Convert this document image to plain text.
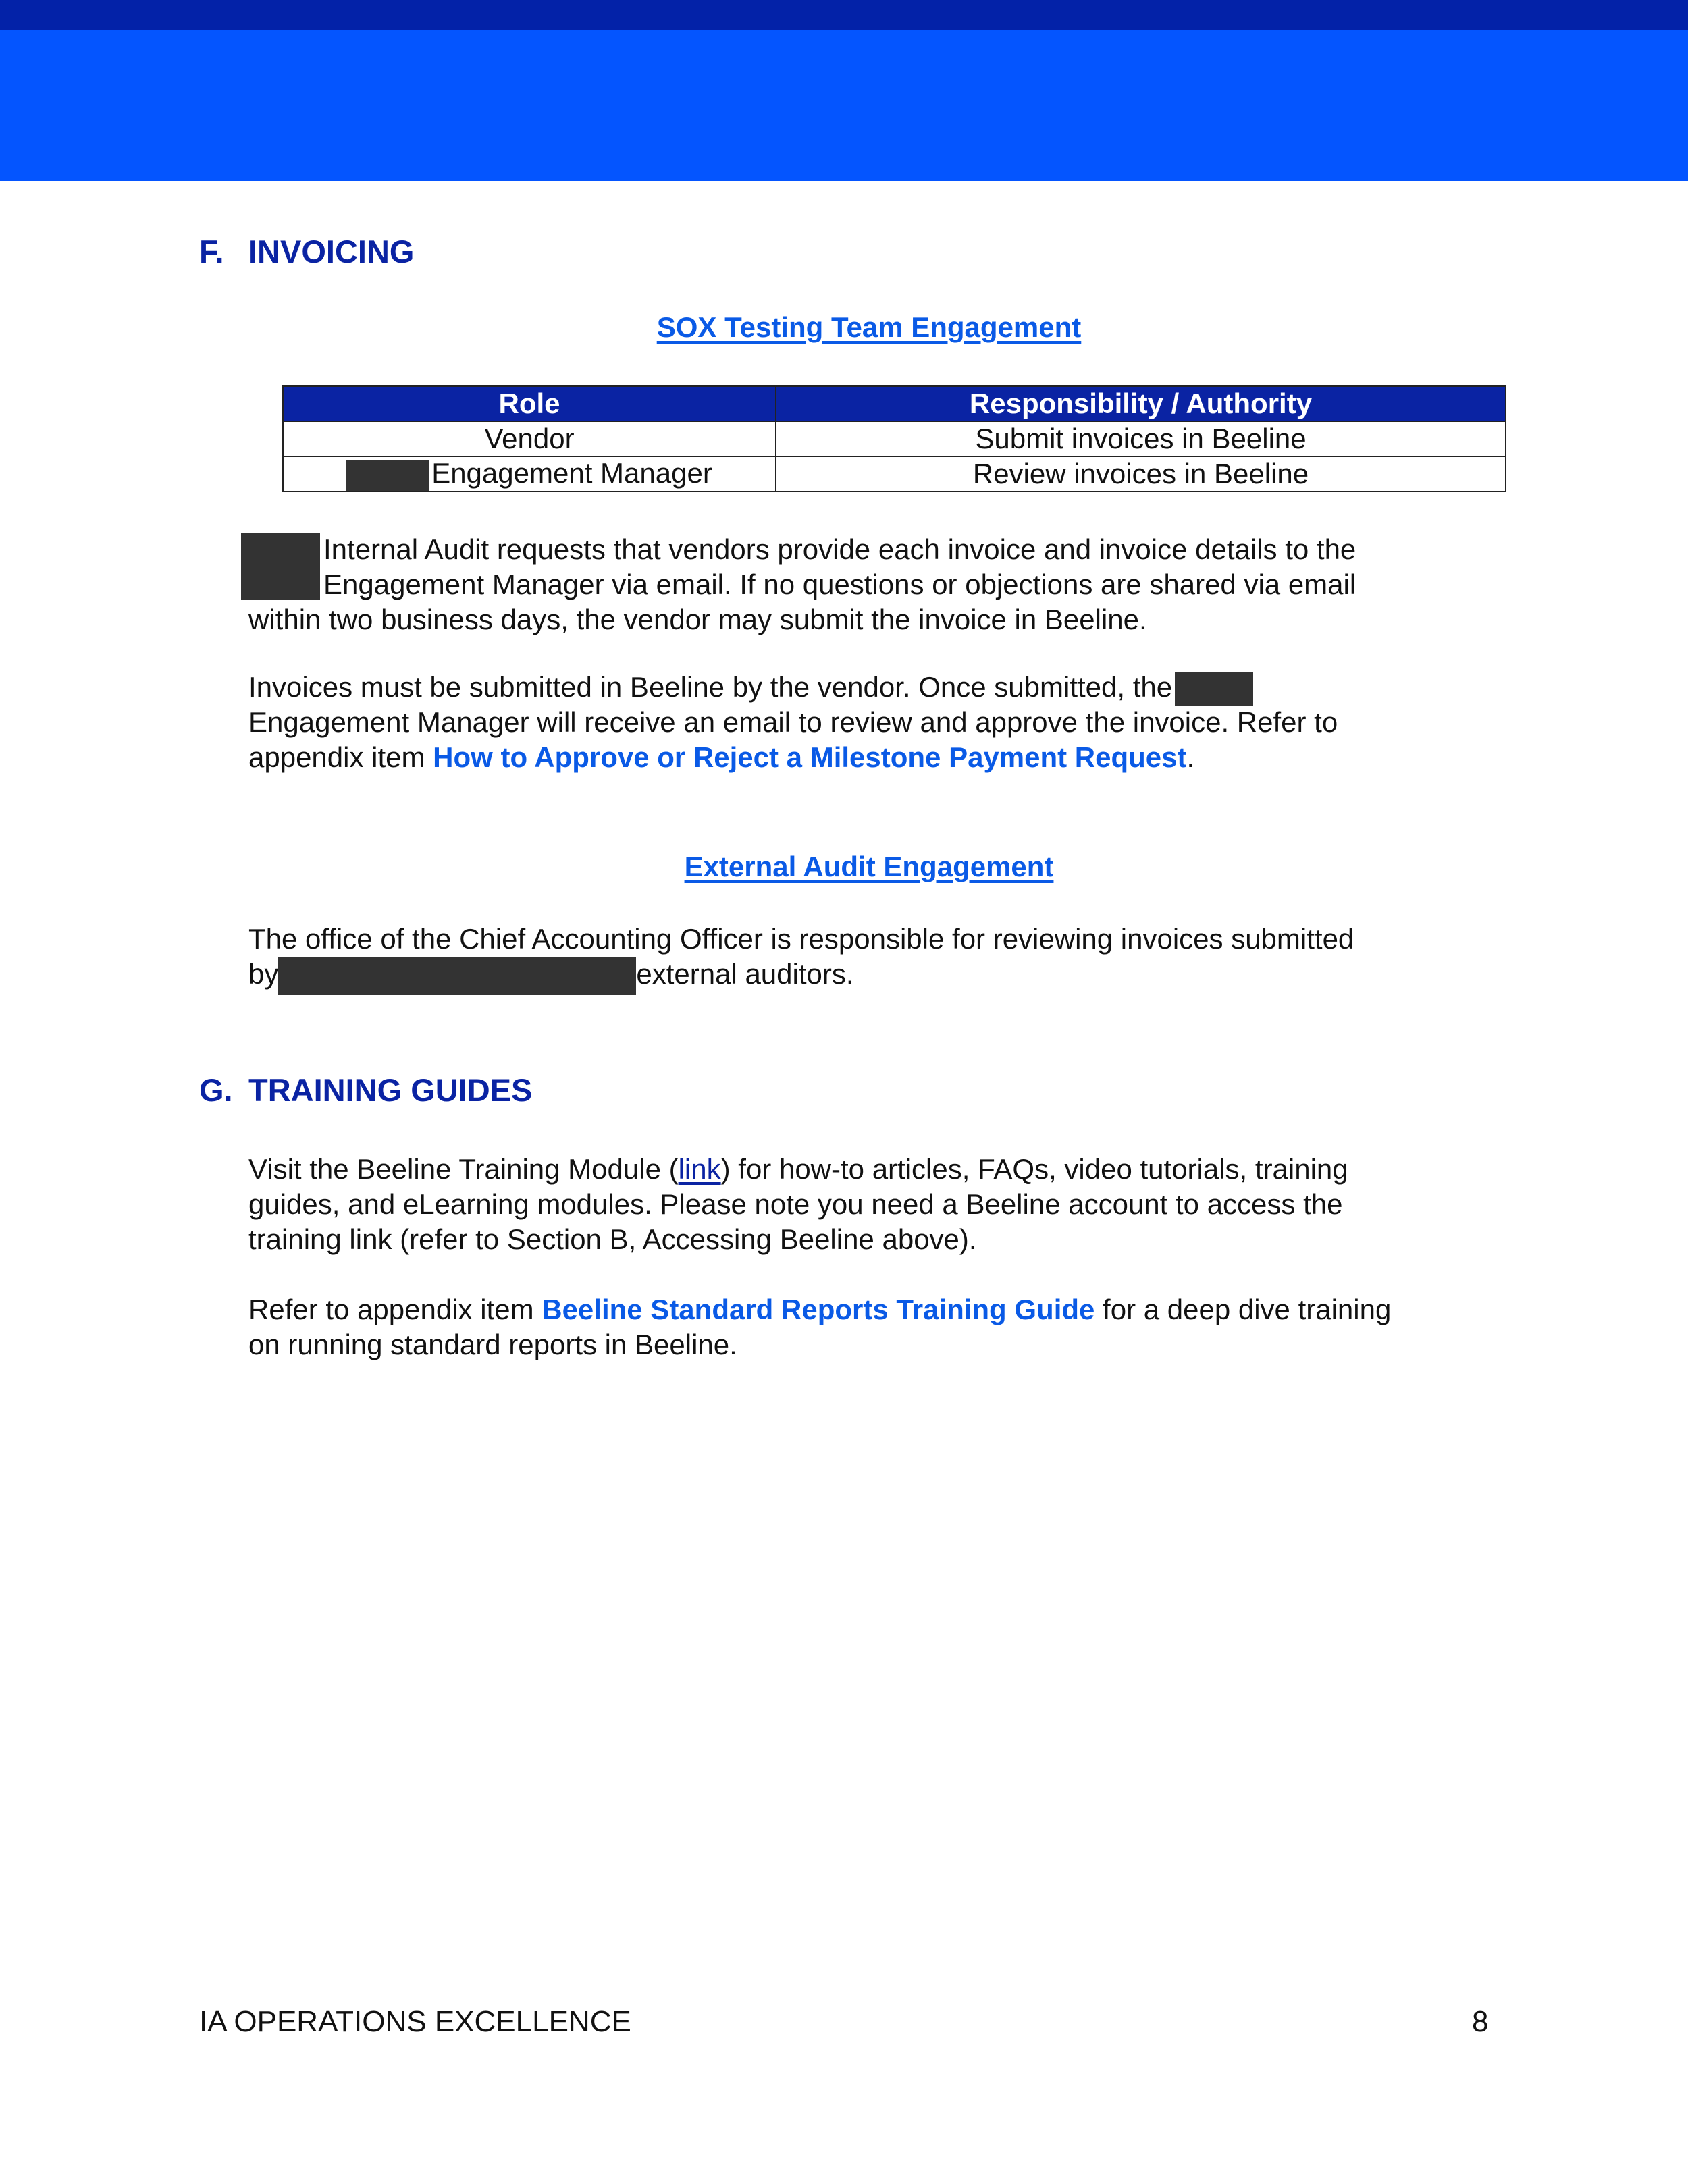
F. INVOICING
SOX Testing Team Engagement
Role	Responsibility / Authority
Vendor	Submit invoices in Beeline
Engagement Manager	Review invoices in Beeline
Internal Audit requests that vendors provide each invoice and invoice details to the
Engagement Manager via email. If no questions or objections are shared via email
within two business days, the vendor may submit the invoice in Beeline.
Invoices must be submitted in Beeline by the vendor. Once submitted, the
Engagement Manager will receive an email to review and approve the invoice. Refer to
appendix item How to Approve or Reject a Milestone Payment Request.
External Audit Engagement
The office of the Chief Accounting Officer is responsible for reviewing invoices submitted
by	external auditors.
G. TRAINING GUIDES
Visit the Beeline Training Module (link) for how-to articles, FAQs, video tutorials, training
guides, and eLearning modules. Please note you need a Beeline account to access the
training link (refer to Section B, Accessing Beeline above).
Refer to appendix item Beeline Standard Reports Training Guide for a deep dive training
on running standard reports in Beeline.
IA OPERATIONS EXCELLENCE	8
